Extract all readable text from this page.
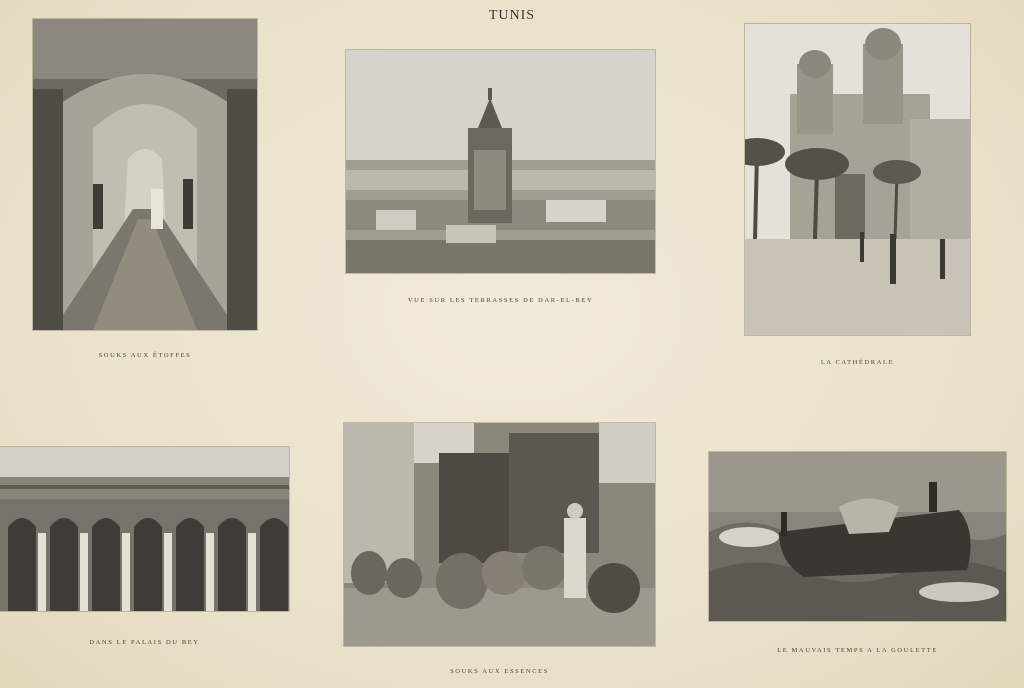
TUNIS
SOUKS AUX ÉTOFFES
VUE SUR LES TERRASSES DE DAR-EL-BEY
LA CATHÉDRALE
DANS LE PALAIS DU BEY
SOUKS AUX ESSENCES
LE MAUVAIS TEMPS A LA GOULETTE
